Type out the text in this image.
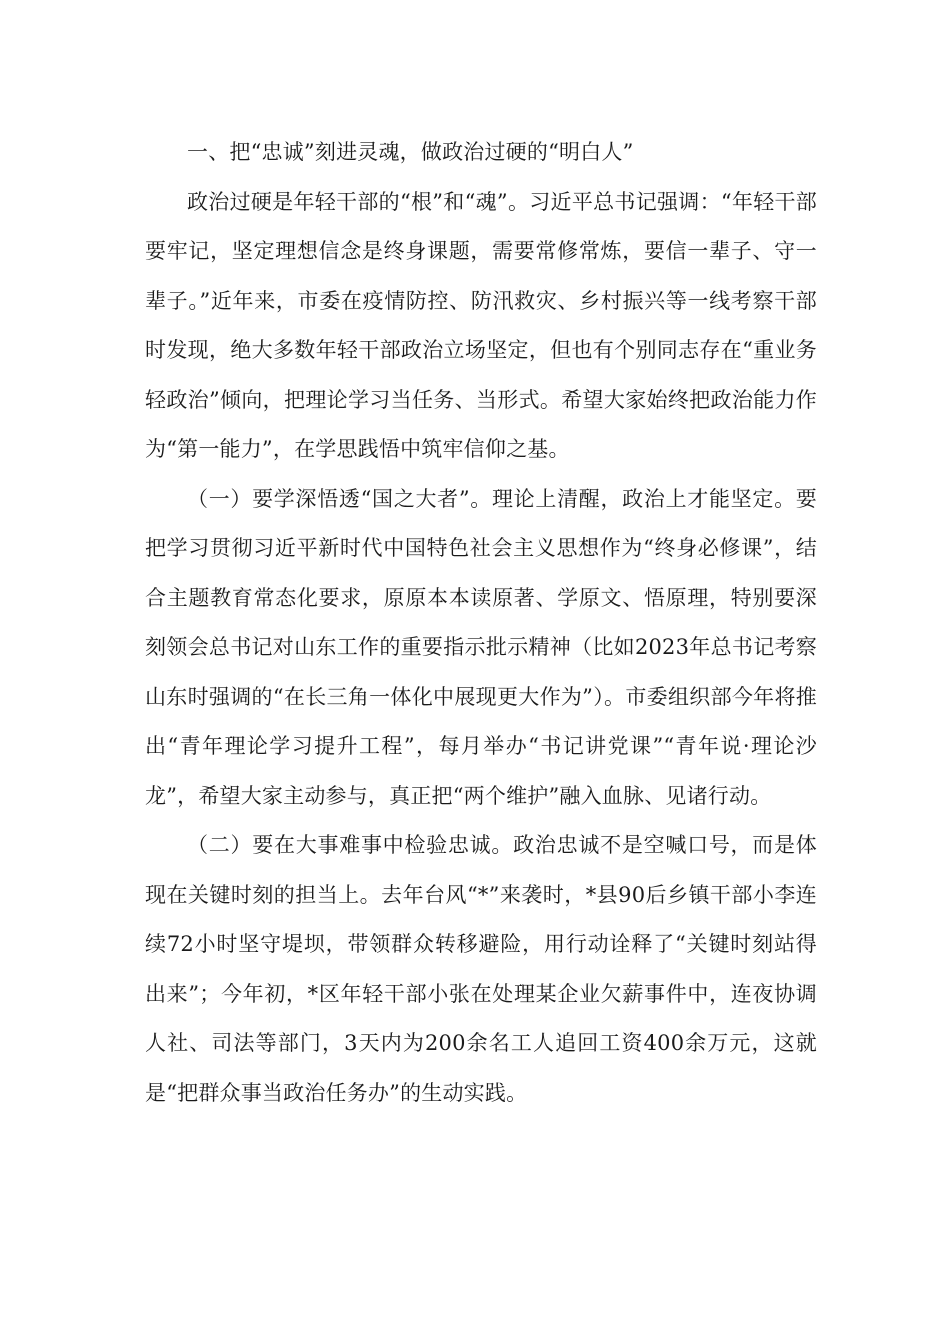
一、把“忠诚”刻进灵魂，做政治过硬的“明白人”

政治过硬是年轻干部的“根”和“魂”。习近平总书记强调：“年轻干部要牢记，坚定理想信念是终身课题，需要常修常炼，要信一辈子、守一辈子。”近年来，市委在疫情防控、防汛救灾、乡村振兴等一线考察干部时发现，绝大多数年轻干部政治立场坚定，但也有个别同志存在“重业务轻政治”倾向，把理论学习当任务、当形式。希望大家始终把政治能力作为“第一能力”，在学思践悟中筑牢信仰之基。

（一）要学深悟透“国之大者”。理论上清醒，政治上才能坚定。要把学习贯彻习近平新时代中国特色社会主义思想作为“终身必修课”，结合主题教育常态化要求，原原本本读原著、学原文、悟原理，特别要深刻领会总书记对山东工作的重要指示批示精神（比如2023年总书记考察山东时强调的“在长三角一体化中展现更大作为”）。市委组织部今年将推出“青年理论学习提升工程”，每月举办“书记讲党课”“青年说·理论沙龙”，希望大家主动参与，真正把“两个维护”融入血脉、见诸行动。

（二）要在大事难事中检验忠诚。政治忠诚不是空喊口号，而是体现在关键时刻的担当上。去年台风“*”来袭时，*县90后乡镇干部小李连续72小时坚守堤坝，带领群众转移避险，用行动诠释了“关键时刻站得出来”；今年初，*区年轻干部小张在处理某企业欠薪事件中，连夜协调人社、司法等部门，3天内为200余名工人追回工资400余万元，这就是“把群众事当政治任务办”的生动实践。
